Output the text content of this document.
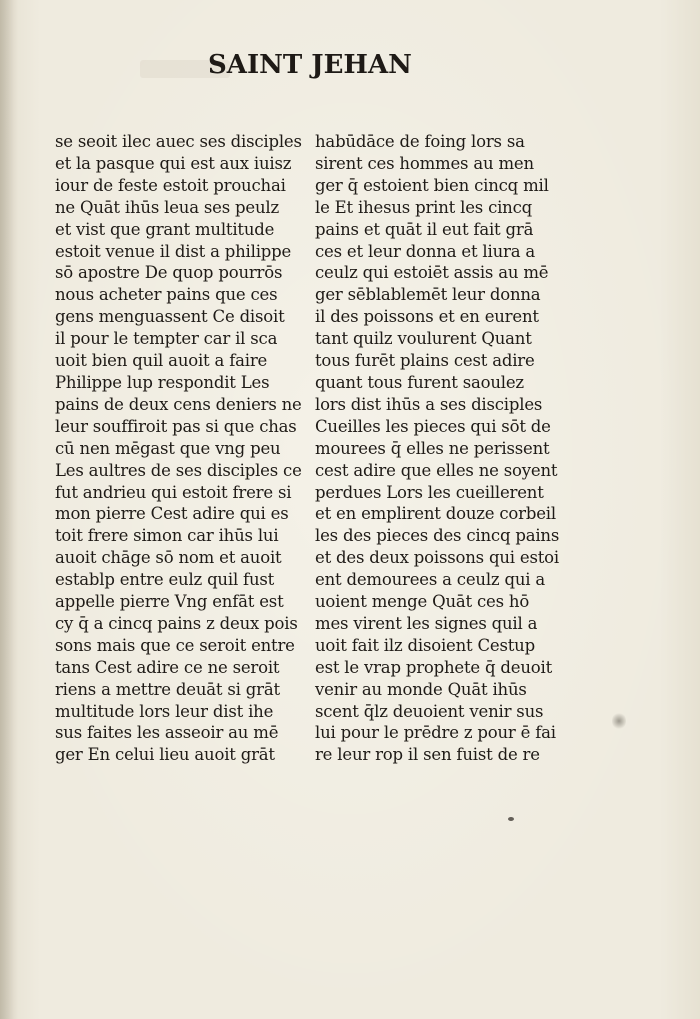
SAINT JEHAN
se seoit ilec auec ses disciples
et la pasque qui est aux iuisz
iour de feste estoit prouchai
ne Quāt ihūs leua ses peulz
et vist que grant multitude
estoit venue il dist a philippe
sō apostre De quop pourrōs
nous acheter pains que ces
gens menguassent Ce disoit
il pour le tempter car il sca
uoit bien quil auoit a faire
Philippe lup respondit Les
pains de deux cens deniers ne
leur souffiroit pas si que chas
cū nen mēgast que vng peu
Les aultres de ses disciples ce
fut andrieu qui estoit frere si
mon pierre Cest adire qui es
toit frere simon car ihūs lui
auoit chāge sō nom et auoit
establp entre eulz quil fust
appelle pierre Vng enfāt est
cy q̄ a cincq pains z deux pois
sons mais que ce seroit entre
tans Cest adire ce ne seroit
riens a mettre deuāt si grāt
multitude lors leur dist ihe
sus faites les asseoir au mē
ger En celui lieu auoit grāt
habūdāce de foing lors sa
sirent ces hommes au men
ger q̄ estoient bien cincq mil
le Et ihesus print les cincq
pains et quāt il eut fait grā
ces et leur donna et liura a
ceulz qui estoiēt assis au mē
ger sēblablemēt leur donna
il des poissons et en eurent
tant quilz voulurent Quant
tous furēt plains cest adire
quant tous furent saoulez
lors dist ihūs a ses disciples
Cueilles les pieces qui sōt de
mourees q̄ elles ne perissent
cest adire que elles ne soyent
perdues Lors les cueillerent
et en emplirent douze corbeil
les des pieces des cincq pains
et des deux poissons qui estoi
ent demourees a ceulz qui a
uoient menge Quāt ces hō
mes virent les signes quil a
uoit fait ilz disoient Cestup
est le vrap prophete q̄ deuoit
venir au monde Quāt ihūs
scent q̄lz deuoient venir sus
lui pour le prēdre z pour ē fai
re leur rop il sen fuist de re
